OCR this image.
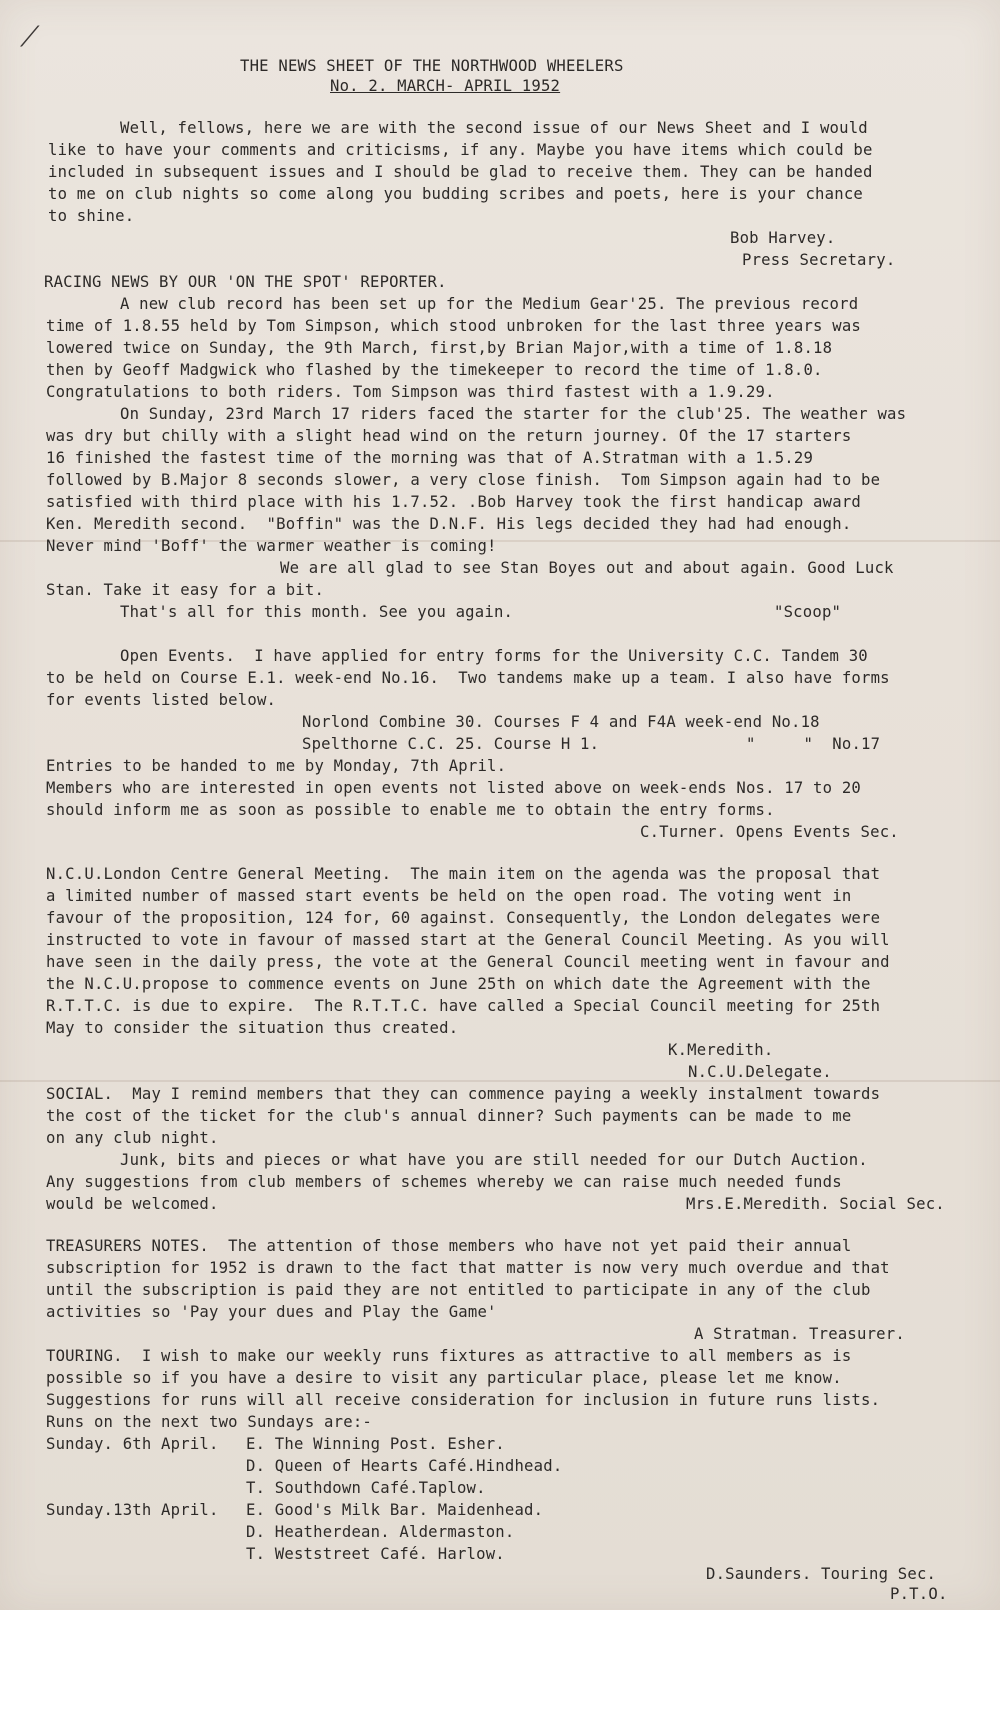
⟋
THE NEWS SHEET OF THE NORTHWOOD WHEELERS
No. 2. MARCH- APRIL 1952
Well, fellows, here we are with the second issue of our News Sheet and I would
like to have your comments and criticisms, if any. Maybe you have items which could be
included in subsequent issues and I should be glad to receive them. They can be handed
to me on club nights so come along you budding scribes and poets, here is your chance
to shine.
Bob Harvey.
Press Secretary.
RACING NEWS BY OUR 'ON THE SPOT' REPORTER.
A new club record has been set up for the Medium Gear'25. The previous record
time of 1.8.55 held by Tom Simpson, which stood unbroken for the last three years was
lowered twice on Sunday, the 9th March, first,by Brian Major,with a time of 1.8.18
then by Geoff Madgwick who flashed by the timekeeper to record the time of 1.8.0.
Congratulations to both riders. Tom Simpson was third fastest with a 1.9.29.
On Sunday, 23rd March 17 riders faced the starter for the club'25. The weather was
was dry but chilly with a slight head wind on the return journey. Of the 17 starters
16 finished the fastest time of the morning was that of A.Stratman with a 1.5.29
followed by B.Major 8 seconds slower, a very close finish.  Tom Simpson again had to be
satisfied with third place with his 1.7.52. .Bob Harvey took the first handicap award
Ken. Meredith second.  "Boffin" was the D.N.F. His legs decided they had had enough.
Never mind 'Boff' the warmer weather is coming!
We are all glad to see Stan Boyes out and about again. Good Luck
Stan. Take it easy for a bit.
That's all for this month. See you again.	"Scoop"
Open Events.  I have applied for entry forms for the University C.C. Tandem 30
to be held on Course E.1. week-end No.16.  Two tandems make up a team. I also have forms
for events listed below.
Norlond Combine 30. Courses F 4 and F4A week-end No.18
Spelthorne C.C. 25. Course H 1.	"     "  No.17
Entries to be handed to me by Monday, 7th April.
Members who are interested in open events not listed above on week-ends Nos. 17 to 20
should inform me as soon as possible to enable me to obtain the entry forms.
C.Turner. Opens Events Sec.
N.C.U.London Centre General Meeting.  The main item on the agenda was the proposal that
a limited number of massed start events be held on the open road. The voting went in
favour of the proposition, 124 for, 60 against. Consequently, the London delegates were
instructed to vote in favour of massed start at the General Council Meeting. As you will
have seen in the daily press, the vote at the General Council meeting went in favour and
the N.C.U.propose to commence events on June 25th on which date the Agreement with the
R.T.T.C. is due to expire.  The R.T.T.C. have called a Special Council meeting for 25th
May to consider the situation thus created.
K.Meredith.
N.C.U.Delegate.
SOCIAL.  May I remind members that they can commence paying a weekly instalment towards
the cost of the ticket for the club's annual dinner? Such payments can be made to me
on any club night.
Junk, bits and pieces or what have you are still needed for our Dutch Auction.
Any suggestions from club members of schemes whereby we can raise much needed funds
would be welcomed.	Mrs.E.Meredith. Social Sec.
TREASURERS NOTES.  The attention of those members who have not yet paid their annual
subscription for 1952 is drawn to the fact that matter is now very much overdue and that
until the subscription is paid they are not entitled to participate in any of the club
activities so 'Pay your dues and Play the Game'
A Stratman. Treasurer.
TOURING.  I wish to make our weekly runs fixtures as attractive to all members as is
possible so if you have a desire to visit any particular place, please let me know.
Suggestions for runs will all receive consideration for inclusion in future runs lists.
Runs on the next two Sundays are:-
Sunday. 6th April. E. The Winning Post. Esher.
D. Queen of Hearts Café.Hindhead.
T. Southdown Café.Taplow.
Sunday.13th April. E. Good's Milk Bar. Maidenhead.
D. Heatherdean. Aldermaston.
T. Weststreet Café. Harlow.
D.Saunders. Touring Sec.
P.T.O.
